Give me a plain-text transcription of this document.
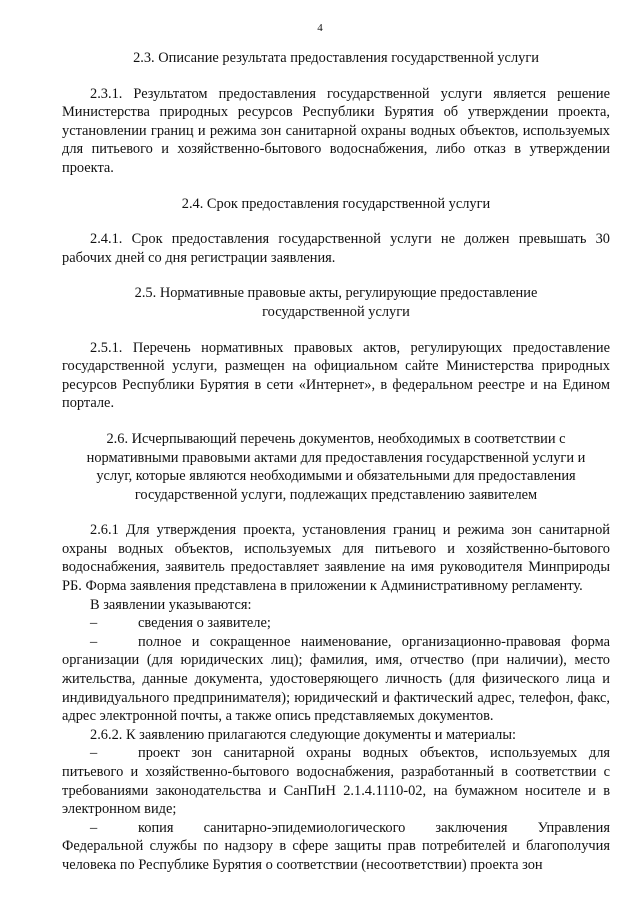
4

2.3. Описание результата предоставления государственной услуги

2.3.1. Результатом предоставления государственной услуги является решение Министерства природных ресурсов Республики Бурятия об утверждении проекта, установлении границ и режима зон санитарной охраны водных объектов, используемых для питьевого и хозяйственно-бытового водоснабжения, либо отказ в утверждении проекта.

2.4. Срок предоставления государственной услуги

2.4.1. Срок предоставления государственной услуги не должен превышать 30 рабочих дней со дня регистрации заявления.

2.5. Нормативные правовые акты, регулирующие предоставление государственной услуги

2.5.1. Перечень нормативных правовых актов, регулирующих предоставление государственной услуги, размещен на официальном сайте Министерства природных ресурсов Республики Бурятия в сети «Интернет», в федеральном реестре и на Едином портале.

2.6. Исчерпывающий перечень документов, необходимых в соответствии с нормативными правовыми актами для предоставления государственной услуги и услуг, которые являются необходимыми и обязательными для предоставления государственной услуги, подлежащих представлению заявителем

2.6.1 Для утверждения проекта, установления границ и режима зон санитарной охраны водных объектов, используемых для питьевого и хозяйственно-бытового водоснабжения, заявитель предоставляет заявление на имя руководителя Минприроды РБ. Форма заявления представлена в приложении к Административному регламенту.

В заявлении указываются:

–	сведения о заявителе;

–	полное и сокращенное наименование, организационно-правовая форма организации (для юридических лиц); фамилия, имя, отчество (при наличии), место жительства, данные документа, удостоверяющего личность (для физического лица и индивидуального предпринимателя); юридический и фактический адрес, телефон, факс, адрес электронной почты, а также опись представляемых документов.

2.6.2. К заявлению прилагаются следующие документы и материалы:

–	проект зон санитарной охраны водных объектов, используемых для питьевого и хозяйственно-бытового водоснабжения, разработанный в соответствии с требованиями законодательства и СанПиН 2.1.4.1110-02, на бумажном носителе и в электронном виде;

–	копия санитарно-эпидемиологического заключения Управления Федеральной службы по надзору в сфере защиты прав потребителей и благополучия человека по Республике Бурятия о соответствии (несоответствии) проекта зон
